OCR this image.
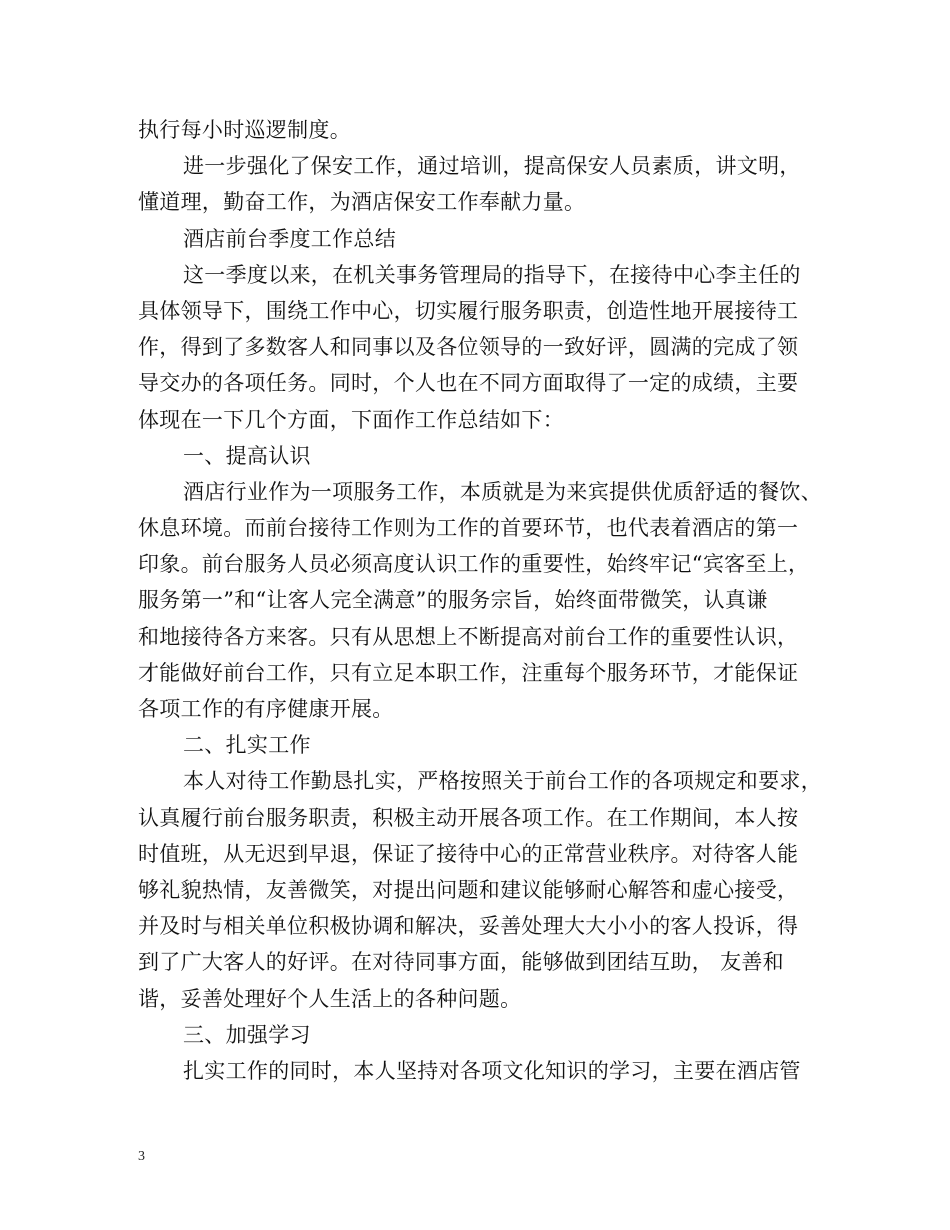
执行每小时巡逻制度。
进一步强化了保安工作，通过培训，提高保安人员素质，讲文明，
懂道理，勤奋工作，为酒店保安工作奉献力量。
酒店前台季度工作总结
这一季度以来，在机关事务管理局的指导下，在接待中心李主任的
具体领导下，围绕工作中心，切实履行服务职责，创造性地开展接待工
作，得到了多数客人和同事以及各位领导的一致好评，圆满的完成了领
导交办的各项任务。同时，个人也在不同方面取得了一定的成绩，主要
体现在一下几个方面，下面作工作总结如下：
一、提高认识
酒店行业作为一项服务工作，本质就是为来宾提供优质舒适的餐饮、
休息环境。而前台接待工作则为工作的首要环节，也代表着酒店的第一
印象。前台服务人员必须高度认识工作的重要性，始终牢记“宾客至上，
服务第一”和“让客人完全满意”的服务宗旨，始终面带微笑，认真谦
和地接待各方来客。只有从思想上不断提高对前台工作的重要性认识，
才能做好前台工作，只有立足本职工作，注重每个服务环节，才能保证
各项工作的有序健康开展。
二、扎实工作
本人对待工作勤恳扎实，严格按照关于前台工作的各项规定和要求，
认真履行前台服务职责，积极主动开展各项工作。在工作期间，本人按
时值班，从无迟到早退，保证了接待中心的正常营业秩序。对待客人能
够礼貌热情，友善微笑，对提出问题和建议能够耐心解答和虚心接受，
并及时与相关单位积极协调和解决，妥善处理大大小小的客人投诉，得
到了广大客人的好评。在对待同事方面，能够做到团结互助， 友善和
谐，妥善处理好个人生活上的各种问题。
三、加强学习
扎实工作的同时，本人坚持对各项文化知识的学习，主要在酒店管
3
